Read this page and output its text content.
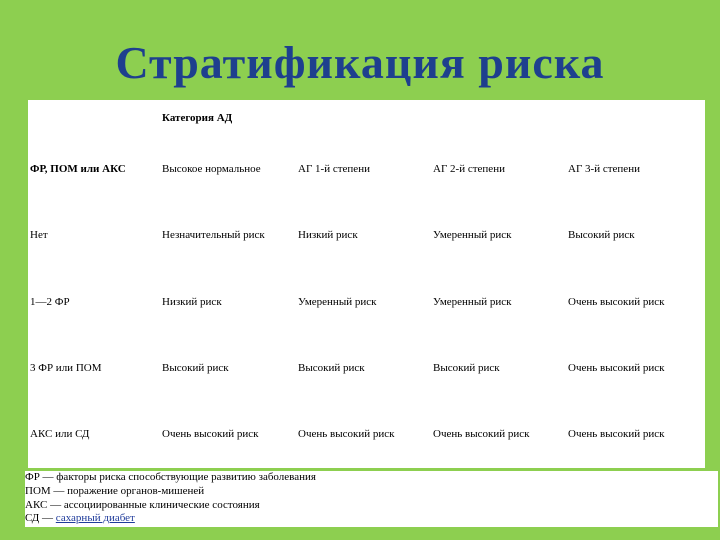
Стратификация риска
Категория АД
ФР, ПОМ или АКС	Высокое нормальное	АГ 1-й степени	АГ 2-й степени	АГ 3-й степени
Нет	Незначительный риск	Низкий риск	Умеренный риск	Высокий риск
1—2 ФР	Низкий риск	Умеренный риск	Умеренный риск	Очень высокий риск
3 ФР или ПОМ	Высокий риск	Высокий риск	Высокий риск	Очень высокий риск
АКС или СД	Очень высокий риск	Очень высокий риск	Очень высокий риск	Очень высокий риск
ФР — факторы риска способствующие развитию заболевания
ПОМ — поражение органов-мишеней
АКС — ассоциированные клинические состояния
СД — сахарный диабет
